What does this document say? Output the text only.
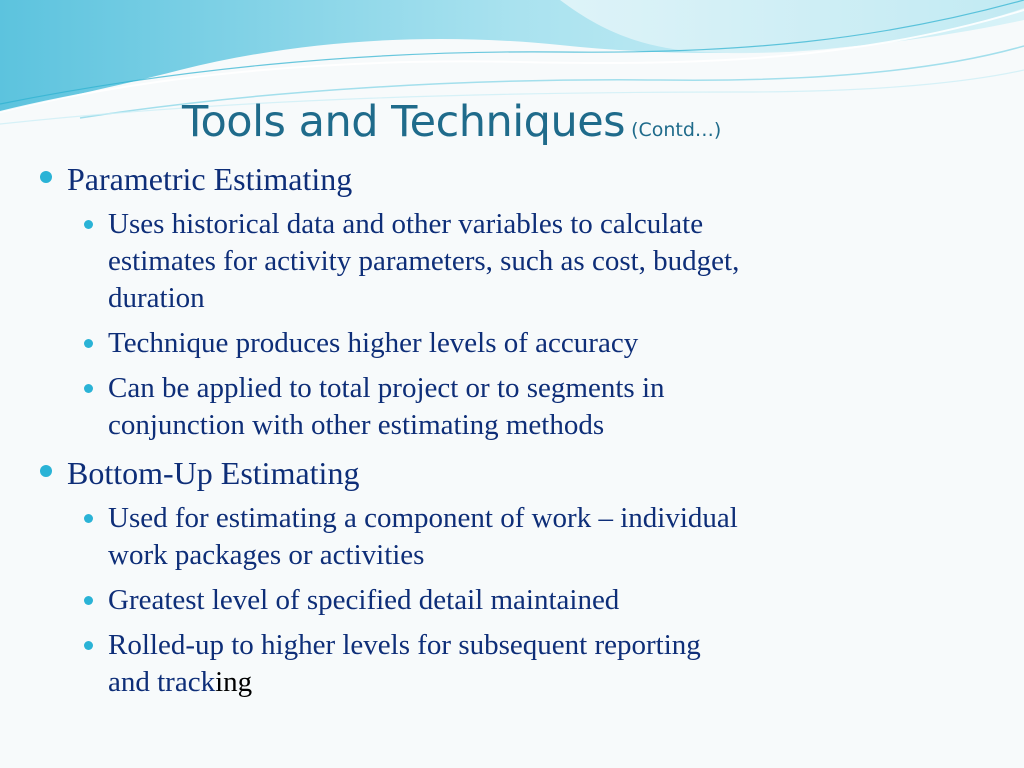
Tools and Techniques (Contd…)
Parametric Estimating
Uses historical data and other variables to calculate
estimates for activity parameters, such as cost, budget,
duration
Technique produces higher levels of accuracy
Can be applied to total project or to segments in
conjunction with other estimating methods
Bottom-Up Estimating
Used for estimating a component of work – individual
work packages or activities
Greatest level of specified detail maintained
Rolled-up to higher levels for subsequent reporting
and tracking
